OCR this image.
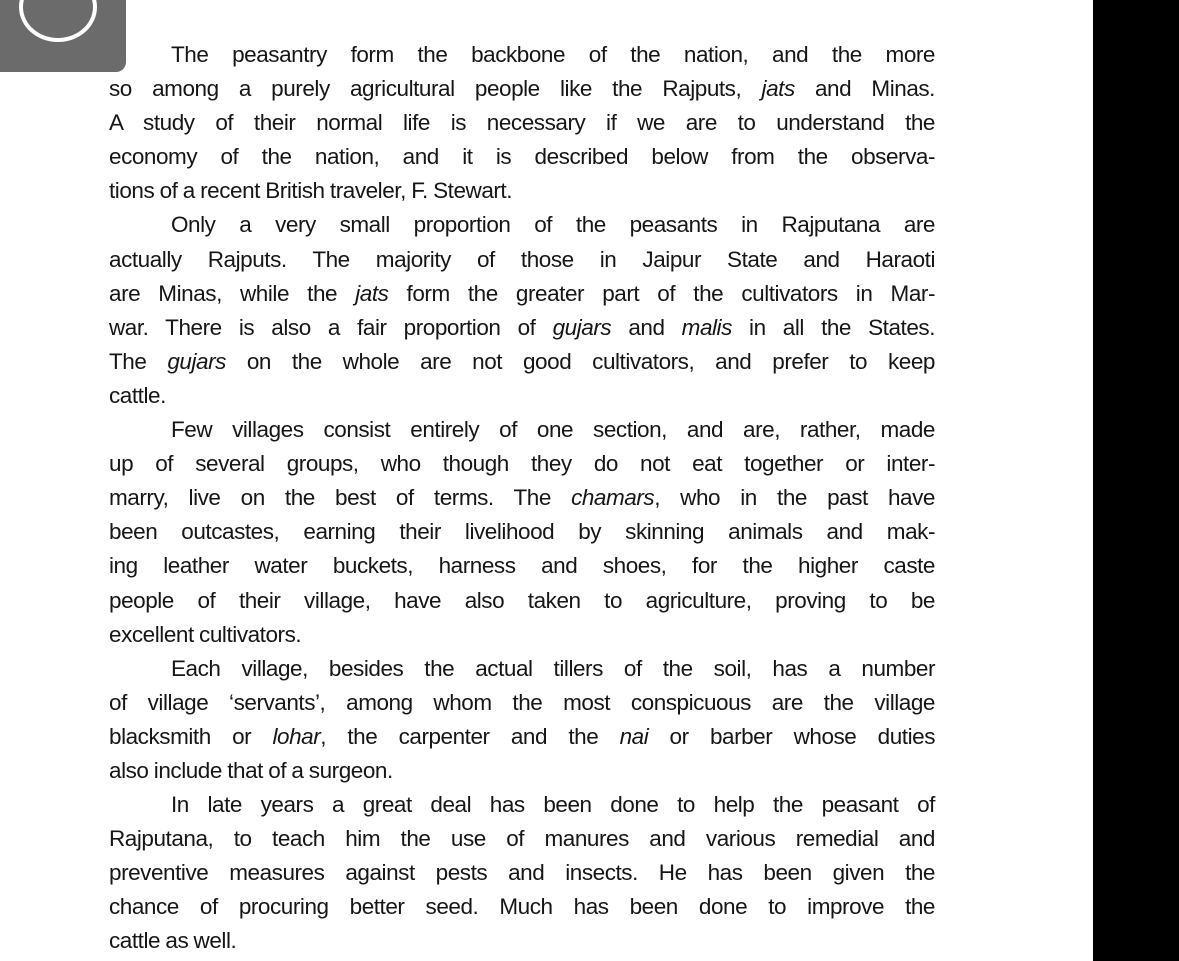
The peasantry form the backbone of the nation, and the more
so among a purely agricultural people like the Rajputs, jats and Minas.
A study of their normal life is necessary if we are to understand the
economy of the nation, and it is described below from the observa-
tions of a recent British traveler, F. Stewart.
Only a very small proportion of the peasants in Rajputana are
actually Rajputs. The majority of those in Jaipur State and Haraoti
are Minas, while the jats form the greater part of the cultivators in Mar-
war. There is also a fair proportion of gujars and malis in all the States.
The gujars on the whole are not good cultivators, and prefer to keep
cattle.
Few villages consist entirely of one section, and are, rather, made
up of several groups, who though they do not eat together or inter-
marry, live on the best of terms. The chamars, who in the past have
been outcastes, earning their livelihood by skinning animals and mak-
ing leather water buckets, harness and shoes, for the higher caste
people of their village, have also taken to agriculture, proving to be
excellent cultivators.
Each village, besides the actual tillers of the soil, has a number
of village ‘servants’, among whom the most conspicuous are the village
blacksmith or lohar, the carpenter and the nai or barber whose duties
also include that of a surgeon.
In late years a great deal has been done to help the peasant of
Rajputana, to teach him the use of manures and various remedial and
preventive measures against pests and insects. He has been given the
chance of procuring better seed. Much has been done to improve the
cattle as well.
